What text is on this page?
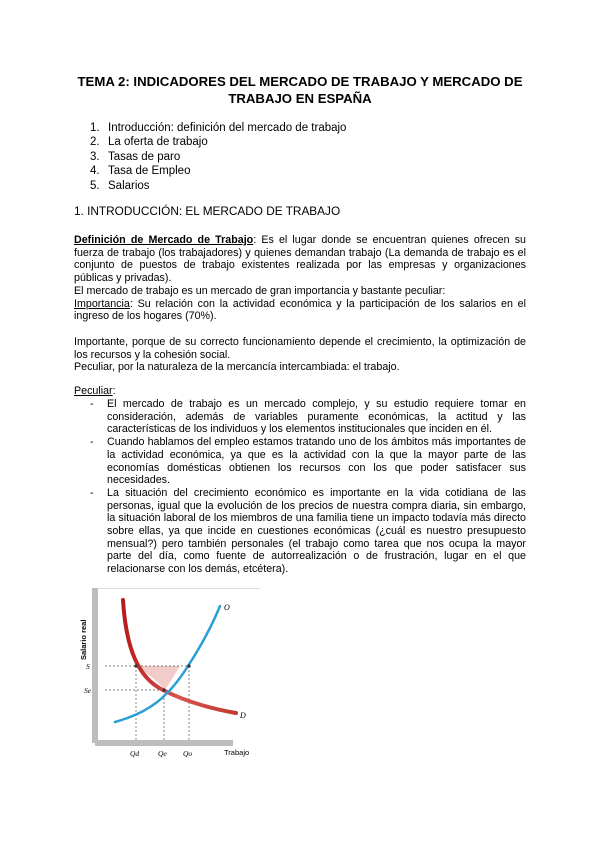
TEMA 2: INDICADORES DEL MERCADO DE TRABAJO Y MERCADO DE TRABAJO EN ESPAÑA
1. Introducción: definición del mercado de trabajo
2. La oferta de trabajo
3. Tasas de paro
4. Tasa de Empleo
5. Salarios
1. INTRODUCCIÓN: EL MERCADO DE TRABAJO

Definición de Mercado de Trabajo: Es el lugar donde se encuentran quienes ofrecen su fuerza de trabajo (los trabajadores) y quienes demandan trabajo (La demanda de trabajo es el conjunto de puestos de trabajo existentes realizada por las empresas y organizaciones públicas y privadas).

El mercado de trabajo es un mercado de gran importancia y bastante peculiar:

Importancia: Su relación con la actividad económica y la participación de los salarios en el ingreso de los hogares (70%).

Importante, porque de su correcto funcionamiento depende el crecimiento, la optimización de los recursos y la cohesión social.

Peculiar, por la naturaleza de la mercancía intercambiada: el trabajo.

Peculiar:

-	El mercado de trabajo es un mercado complejo, y su estudio requiere tomar en consideración, además de variables puramente económicas, la actitud y las características de los individuos y los elementos institucionales que inciden en él.
-	Cuando hablamos del empleo estamos tratando uno de los ámbitos más importantes de la actividad económica, ya que es la actividad con la que la mayor parte de las economías domésticas obtienen los recursos con los que poder satisfacer sus necesidades.
-	La situación del crecimiento económico es importante en la vida cotidiana de las personas, igual que la evolución de los precios de nuestra compra diaria, sin embargo, la situación laboral de los miembros de una familia tiene un impacto todavía más directo sobre ellas, ya que incide en cuestiones económicas (¿cuál es nuestro presupuesto mensual?) pero también personales (el trabajo como tarea que nos ocupa la mayor parte del día, como fuente de autorrealización o de frustración, lugar en el que relacionarse con los demás, etcétera).
Salario real
O
D
S
Se
Qd	Qe Qo	Trabajo
